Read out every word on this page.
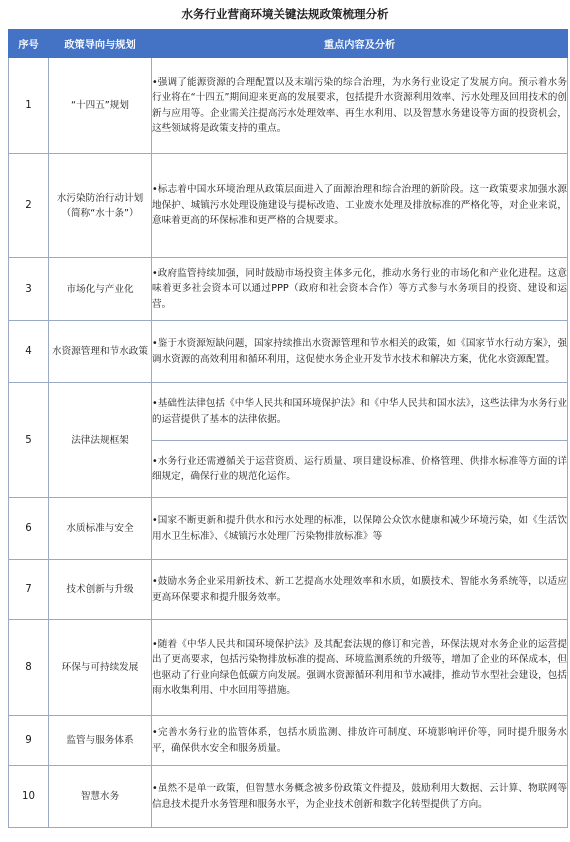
水务行业营商环境关键法规政策梳理分析
序号	政策导向与规划	重点内容及分析
1	“十四五”规划	•强调了能源资源的合理配置以及末端污染的综合治理，为水务行业设定了发展方向。预示着水务行业将在“十四五”期间迎来更高的发展要求，包括提升水资源利用效率、污水处理及回用技术的创新与应用等。企业需关注提高污水处理效率、再生水利用、以及智慧水务建设等方面的投资机会，这些领域将是政策支持的重点。
2	水污染防治行动计划（简称“水十条”）	•标志着中国水环境治理从政策层面进入了面源治理和综合治理的新阶段。这一政策要求加强水源地保护、城镇污水处理设施建设与提标改造、工业废水处理及排放标准的严格化等，对企业来说，意味着更高的环保标准和更严格的合规要求。
3	市场化与产业化	•政府监管持续加强，同时鼓励市场投资主体多元化，推动水务行业的市场化和产业化进程。这意味着更多社会资本可以通过PPP（政府和社会资本合作）等方式参与水务项目的投资、建设和运营。
4	水资源管理和节水政策	•鉴于水资源短缺问题，国家持续推出水资源管理和节水相关的政策，如《国家节水行动方案》，强调水资源的高效利用和循环利用，这促使水务企业开发节水技术和解决方案，优化水资源配置。
5	法律法规框架	•基础性法律包括《中华人民共和国环境保护法》和《中华人民共和国水法》，这些法律为水务行业的运营提供了基本的法律依据。
		•水务行业还需遵循关于运营资质、运行质量、项目建设标准、价格管理、供排水标准等方面的详细规定，确保行业的规范化运作。
6	水质标准与安全	•国家不断更新和提升供水和污水处理的标准，以保障公众饮水健康和减少环境污染，如《生活饮用水卫生标准》、《城镇污水处理厂污染物排放标准》等
7	技术创新与升级	•鼓励水务企业采用新技术、新工艺提高水处理效率和水质，如膜技术、智能水务系统等，以适应更高环保要求和提升服务效率。
8	环保与可持续发展	•随着《中华人民共和国环境保护法》及其配套法规的修订和完善，环保法规对水务企业的运营提出了更高要求，包括污染物排放标准的提高、环境监测系统的升级等，增加了企业的环保成本，但也驱动了行业向绿色低碳方向发展。强调水资源循环利用和节水减排，推动节水型社会建设，包括雨水收集利用、中水回用等措施。
9	监管与服务体系	•完善水务行业的监管体系，包括水质监测、排放许可制度、环境影响评价等，同时提升服务水平，确保供水安全和服务质量。
10	智慧水务	•虽然不是单一政策，但智慧水务概念被多份政策文件提及，鼓励利用大数据、云计算、物联网等信息技术提升水务管理和服务水平，为企业技术创新和数字化转型提供了方向。
